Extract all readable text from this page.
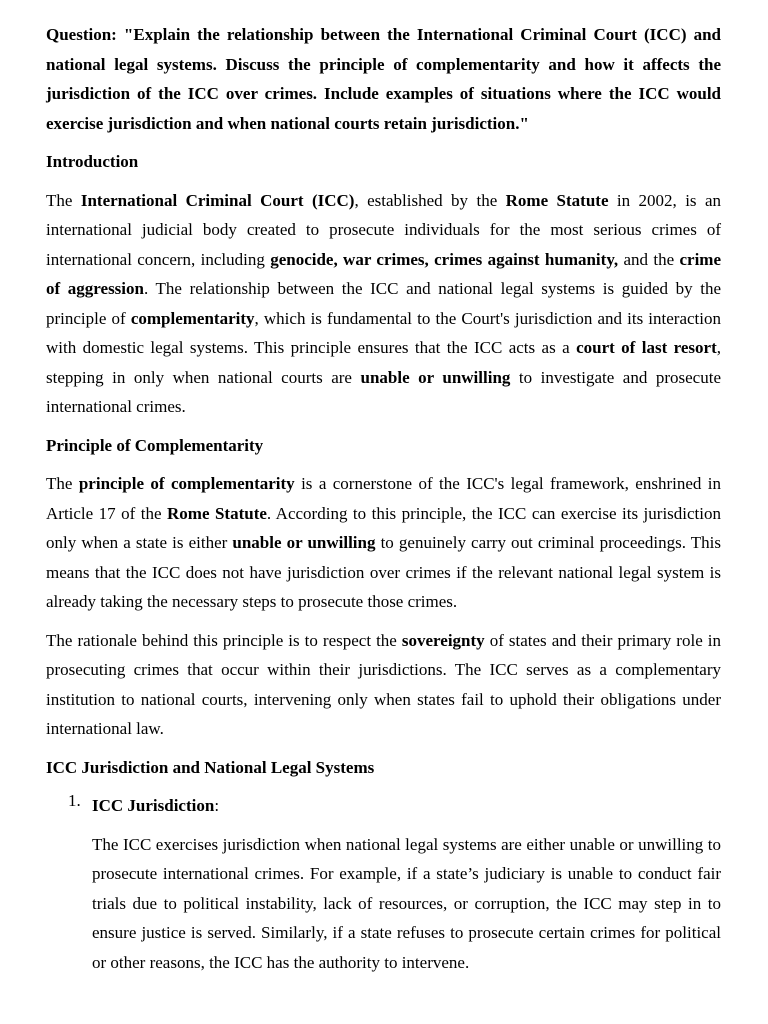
Question: "Explain the relationship between the International Criminal Court (ICC) and national legal systems. Discuss the principle of complementarity and how it affects the jurisdiction of the ICC over crimes. Include examples of situations where the ICC would exercise jurisdiction and when national courts retain jurisdiction."

Introduction

The International Criminal Court (ICC), established by the Rome Statute in 2002, is an international judicial body created to prosecute individuals for the most serious crimes of international concern, including genocide, war crimes, crimes against humanity, and the crime of aggression. The relationship between the ICC and national legal systems is guided by the principle of complementarity, which is fundamental to the Court's jurisdiction and its interaction with domestic legal systems. This principle ensures that the ICC acts as a court of last resort, stepping in only when national courts are unable or unwilling to investigate and prosecute international crimes.

Principle of Complementarity

The principle of complementarity is a cornerstone of the ICC's legal framework, enshrined in Article 17 of the Rome Statute. According to this principle, the ICC can exercise its jurisdiction only when a state is either unable or unwilling to genuinely carry out criminal proceedings. This means that the ICC does not have jurisdiction over crimes if the relevant national legal system is already taking the necessary steps to prosecute those crimes.

The rationale behind this principle is to respect the sovereignty of states and their primary role in prosecuting crimes that occur within their jurisdictions. The ICC serves as a complementary institution to national courts, intervening only when states fail to uphold their obligations under international law.

ICC Jurisdiction and National Legal Systems

1. ICC Jurisdiction:

The ICC exercises jurisdiction when national legal systems are either unable or unwilling to prosecute international crimes. For example, if a state’s judiciary is unable to conduct fair trials due to political instability, lack of resources, or corruption, the ICC may step in to ensure justice is served. Similarly, if a state refuses to prosecute certain crimes for political or other reasons, the ICC has the authority to intervene.
